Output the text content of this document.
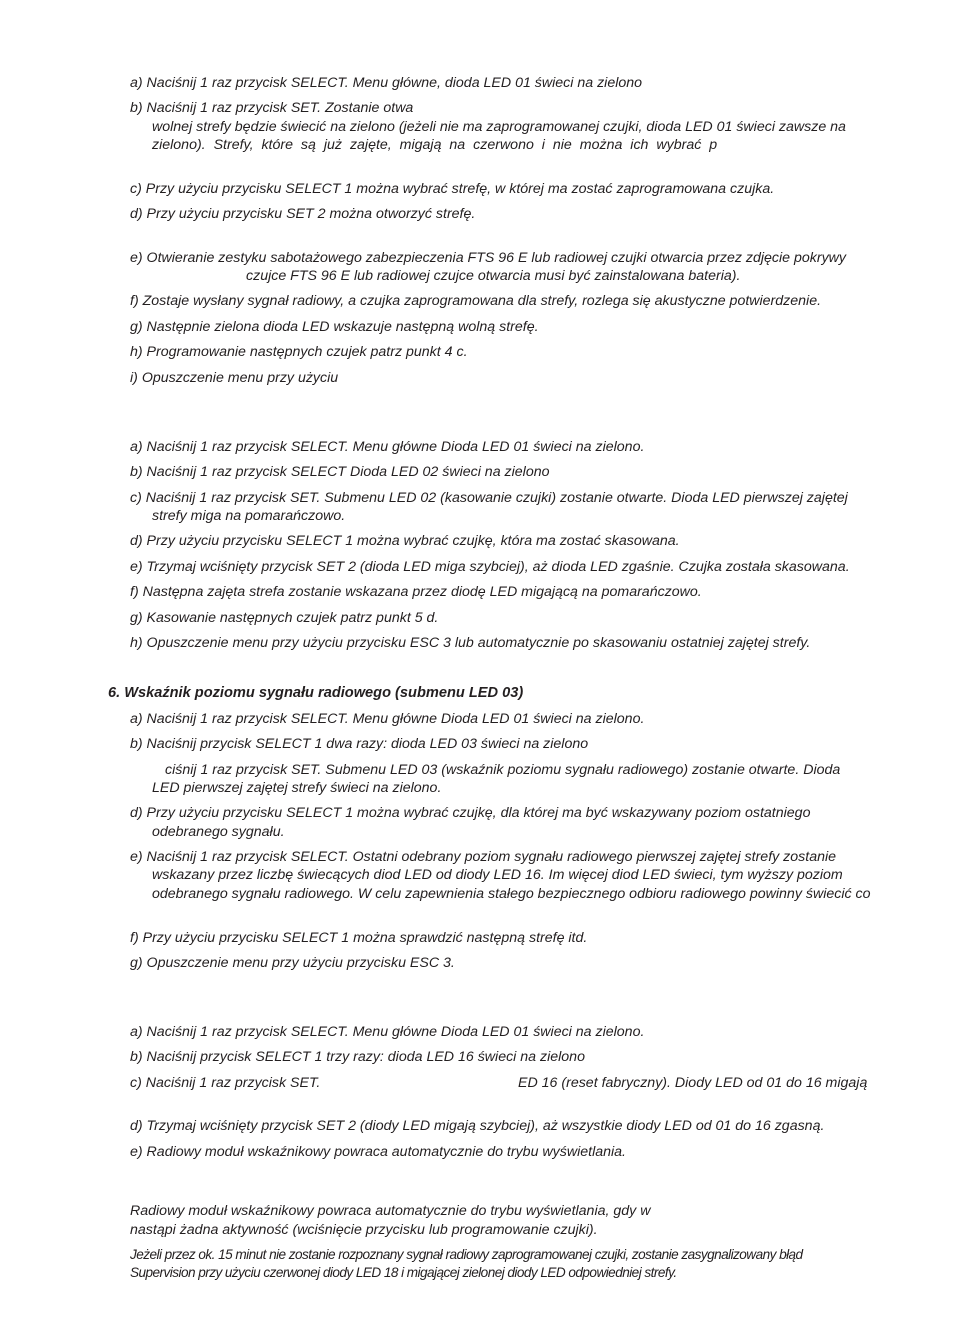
a) Naciśnij 1 raz przycisk SELECT. Menu główne, dioda LED 01 świeci na zielono
b) Naciśnij 1 raz przycisk SET. Zostanie otwa
wolnej strefy będzie świecić na zielono (jeżeli nie ma zaprogramowanej czujki, dioda LED 01 świeci zawsze na
zielono). Strefy, które są już zajęte, migają na czerwono i nie można ich wybrać p
c) Przy użyciu przycisku SELECT 1 można wybrać strefę, w której ma zostać zaprogramowana czujka.
d) Przy użyciu przycisku SET 2 można otworzyć strefę.
e) Otwieranie zestyku sabotażowego zabezpieczenia FTS 96 E lub radiowej czujki otwarcia przez zdjęcie pokrywy
czujce FTS 96 E lub radiowej czujce otwarcia musi być zainstalowana bateria).
f) Zostaje wysłany sygnał radiowy, a czujka zaprogramowana dla strefy, rozlega się akustyczne potwierdzenie.
g) Następnie zielona dioda LED wskazuje następną wolną strefę.
h) Programowanie następnych czujek patrz punkt 4 c.
i) Opuszczenie menu przy użyciu
a) Naciśnij 1 raz przycisk SELECT. Menu główne Dioda LED 01 świeci na zielono.
b) Naciśnij 1 raz przycisk SELECT Dioda LED 02 świeci na zielono
c) Naciśnij 1 raz przycisk SET. Submenu LED 02 (kasowanie czujki) zostanie otwarte. Dioda LED pierwszej zajętej
strefy miga na pomarańczowo.
d) Przy użyciu przycisku SELECT 1 można wybrać czujkę, która ma zostać skasowana.
e) Trzymaj wciśnięty przycisk SET 2 (dioda LED miga szybciej), aż dioda LED zgaśnie. Czujka została skasowana.
f) Następna zajęta strefa zostanie wskazana przez diodę LED migającą na pomarańczowo.
g) Kasowanie następnych czujek patrz punkt 5 d.
h) Opuszczenie menu przy użyciu przycisku ESC 3 lub automatycznie po skasowaniu ostatniej zajętej strefy.
6. Wskaźnik poziomu sygnału radiowego (submenu LED 03)
a) Naciśnij 1 raz przycisk SELECT. Menu główne Dioda LED 01 świeci na zielono.
b) Naciśnij przycisk SELECT 1 dwa razy: dioda LED 03 świeci na zielono
ciśnij 1 raz przycisk SET. Submenu LED 03 (wskaźnik poziomu sygnału radiowego) zostanie otwarte. Dioda
LED pierwszej zajętej strefy świeci na zielono.
d) Przy użyciu przycisku SELECT 1 można wybrać czujkę, dla której ma być wskazywany poziom ostatniego
odebranego sygnału.
e) Naciśnij 1 raz przycisk SELECT. Ostatni odebrany poziom sygnału radiowego pierwszej zajętej strefy zostanie
wskazany przez liczbę świecących diod LED od diody LED 16. Im więcej diod LED świeci, tym wyższy poziom
odebranego sygnału radiowego. W celu zapewnienia stałego bezpiecznego odbioru radiowego powinny świecić co
f) Przy użyciu przycisku SELECT 1 można sprawdzić następną strefę itd.
g) Opuszczenie menu przy użyciu przycisku ESC 3.
a) Naciśnij 1 raz przycisk SELECT. Menu główne Dioda LED 01 świeci na zielono.
b) Naciśnij przycisk SELECT 1 trzy razy: dioda LED 16 świeci na zielono
c) Naciśnij 1 raz przycisk SET.	ED 16 (reset fabryczny). Diody LED od 01 do 16 migają
d) Trzymaj wciśnięty przycisk SET 2 (diody LED migają szybciej), aż wszystkie diody LED od 01 do 16 zgasną.
e) Radiowy moduł wskaźnikowy powraca automatycznie do trybu wyświetlania.
Radiowy moduł wskaźnikowy powraca automatycznie do trybu wyświetlania, gdy w
nastąpi żadna aktywność (wciśnięcie przycisku lub programowanie czujki).
Jeżeli przez ok. 15 minut nie zostanie rozpoznany sygnał radiowy zaprogramowanej czujki, zostanie zasygnalizowany błąd
Supervision przy użyciu czerwonej diody LED 18 i migającej zielonej diody LED odpowiedniej strefy.
